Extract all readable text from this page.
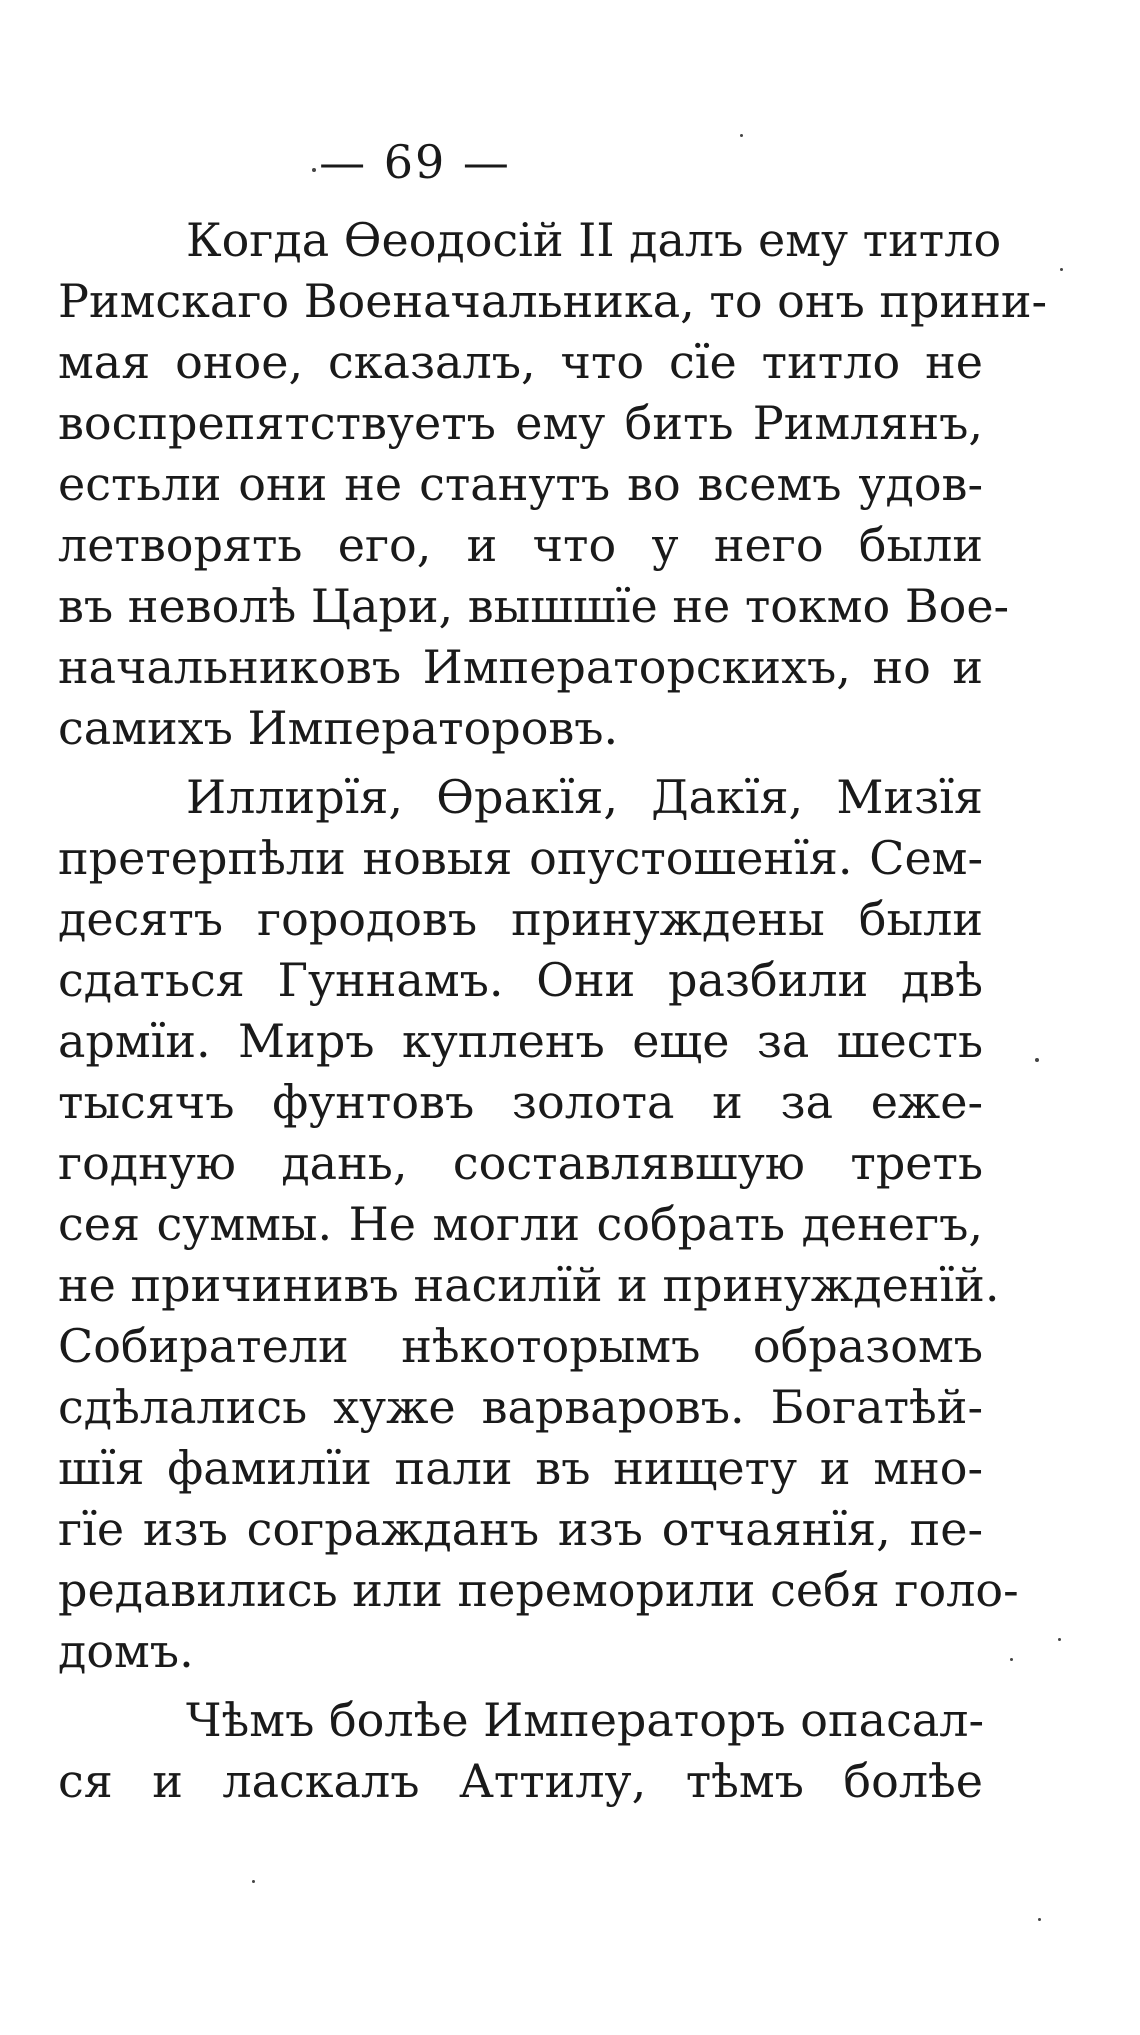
— 69 —
Когда Ѳеодосій II далъ ему титло
Римскаго Военачальника, то онъ прини-
мая оное, сказалъ, что сїе титло не
воспрепятствуетъ ему бить Римлянъ,
естьли они не станутъ во всемъ удов-
летворять его, и что у него были
въ неволѣ Цари, вышшїе не токмо Вое-
начальниковъ Императорскихъ, но и
самихъ Императоровъ.
Иллирїя, Ѳракїя, Дакїя, Мизїя
претерпѣли новыя опустошенїя. Сем-
десятъ городовъ принуждены были
сдаться Гуннамъ. Они разбили двѣ
армїи. Миръ купленъ еще за шесть
тысячъ фунтовъ золота и за еже-
годную дань, составлявшую треть
сея суммы. Не могли собрать денегъ,
не причинивъ насилїй и принужденїй.
Собиратели нѣкоторымъ образомъ
сдѣлались хуже варваровъ. Богатѣй-
шїя фамилїи пали въ нищету и мно-
гїе изъ согражданъ изъ отчаянїя, пе-
редавились или переморили себя голо-
домъ.
Чѣмъ болѣе Императоръ опасал-
ся и ласкалъ Аттилу, тѣмъ болѣе
